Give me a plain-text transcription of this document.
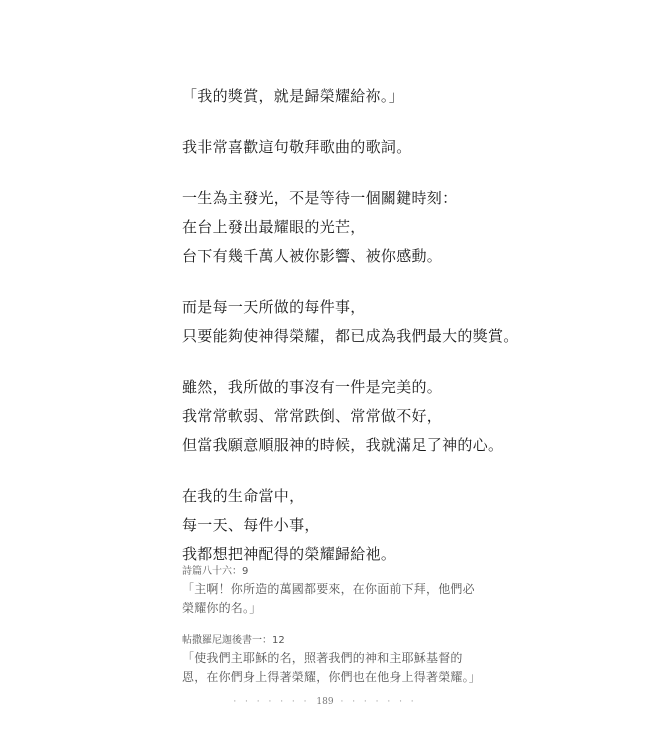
「我的獎賞，就是歸榮耀給祢。」
我非常喜歡這句敬拜歌曲的歌詞。
一生為主發光，不是等待一個關鍵時刻：
在台上發出最耀眼的光芒，
台下有幾千萬人被你影響、被你感動。
而是每一天所做的每件事，
只要能夠使神得榮耀，都已成為我們最大的獎賞。
雖然，我所做的事沒有一件是完美的。
我常常軟弱、常常跌倒、常常做不好，
但當我願意順服神的時候，我就滿足了神的心。
在我的生命當中，
每一天、每件小事，
我都想把神配得的榮耀歸給祂。
詩篇八十六：9
「主啊！你所造的萬國都要來，在你面前下拜，他們必
榮耀你的名。」
帖撒羅尼迦後書一：12
「使我們主耶穌的名，照著我們的神和主耶穌基督的
恩，在你們身上得著榮耀，你們也在他身上得著榮耀。」
· · · · · · · 189 · · · · · · ·
